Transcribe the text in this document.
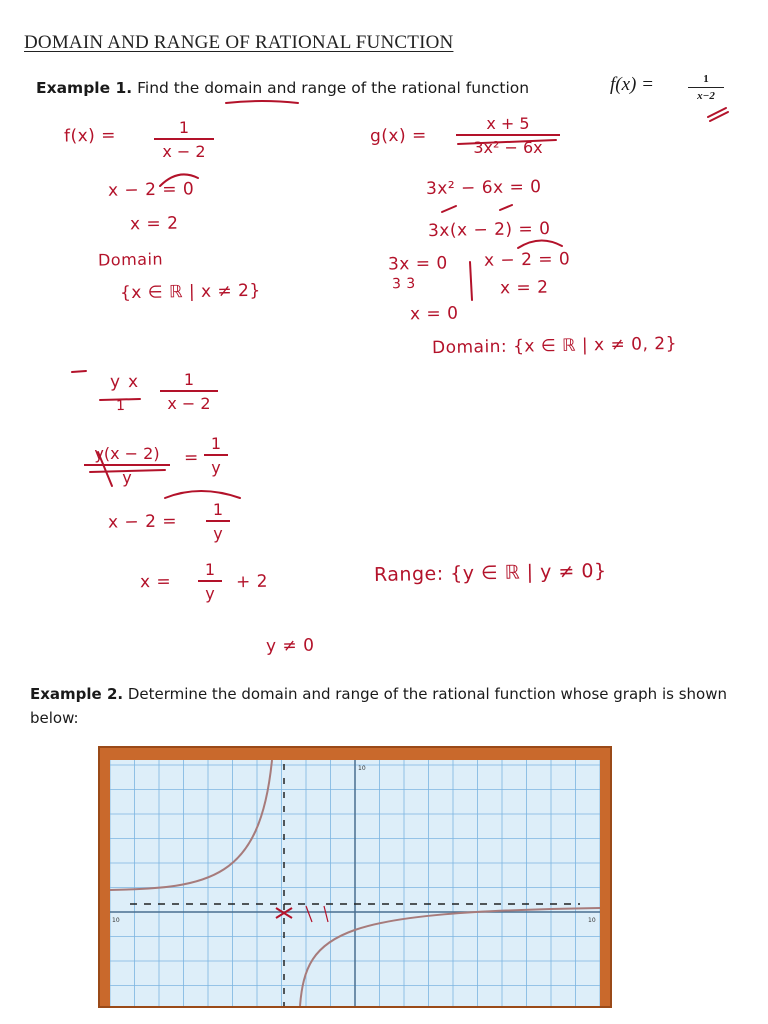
DOMAIN AND RANGE OF RATIONAL FUNCTION
Example 1. Find the domain and range of the rational function	f(x) =	1
x−2
f(x) =	1
x − 2
x − 2 = 0
x = 2
Domain
{x ∈ ℝ | x ≠ 2}
g(x) =
x + 5
3x² − 6x
3x² − 6x = 0
3x(x − 2) = 0
3x = 0
3 3
x − 2 = 0
x = 0
x = 2
Domain: {x ∈ ℝ | x ≠ 0, 2}
y x
1
1
x − 2
y(x − 2)
y
=
1
y
x − 2 =
1
y
x =
1
y
+ 2
y ≠ 0
Range: {y ∈ ℝ | y ≠ 0}
Example 2. Determine the domain and range of the rational function whose graph is shown below:
10
10	10
